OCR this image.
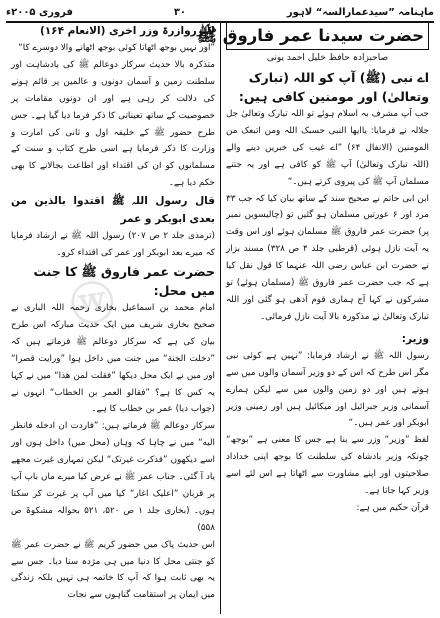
ماہنامہ ”سیدعمارالسہ“ لاہور
۳۰
فروری ۲۰۰۵ء
حضرت سیدنا عمر فاروق ﷺ
صاحبزادہ حافظ خلیل احمد یونی
اے نبی (ﷺ) آپ کو اللہ (تبارک وتعالیٰ) اور مومنین کافی ہیں:

جب آپ مشرف بہ اسلام ہوئے تو اللہ تبارک وتعالیٰ جل جلالہ نے فرمایا: یاایھا النبی حسبک اللہ ومن اتبعک من المومنین (الانفال ۶۴) ”اے غیب کی خبریں دینے والے (اللہ تبارک وتعالیٰ) آپ ﷺ کو کافی ہے اور یہ جتنے مسلمان آپ ﷺ کی پیروی کرتے ہیں۔“

ابن ابی حاتم نے صحیح سند کے ساتھ بیان کیا کہ جب ۳۳ مرد اور ۶ عورتیں مسلمان ہو گئیں تو (چالیسویں نمبر پر) حضرت عمر فاروق ﷺ مسلمان ہوئے اور اس وقت یہ آیت نازل ہوئی (قرطبی جلد ۴ ص ۳۲۸) مسند بزار نے حضرت ابن عباس رضی اللہ عنہما کا قول نقل کیا ہے کہ جب حضرت عمر فاروق ﷺ (مسلمان ہوئے) تو مشرکوں نے کہا آج ہماری قوم آدھی ہو گئی اور اللہ تبارک وتعالیٰ نے مذکورہ بالا آیت نازل فرمائی۔

وزیر:

رسول اللہ ﷺ نے ارشاد فرمایا: ”نہیں ہے کوئی نبی مگر اس طرح کہ اس کے دو وزیر آسمان والوں میں سے ہوتے ہیں اور دو زمین والوں میں سے لیکن ہمارے آسمانی وزیر جبرائیل اور میکائیل ہیں اور زمینی وزیر ابوبکر اور عمر ہیں۔“

لفظ ”وزیر“ وزر سے بنا ہے جس کا معنی ہے ”بوجھ“ چونکہ وزیر بادشاہ کی سلطنت کا بوجھ اپنی خداداد صلاحیتوں اور اپنے مشاورت سے اٹھاتا ہے اس لئے اسے وزیر کہا جاتا ہے۔

قرآن حکیم میں ہے:

لاتزروازرۃ وزر اخری (الانعام ۱۶۴)

”اور نہیں بوجھ اٹھاتا کوئی بوجھ اٹھانے والا دوسرے کا“

متذکرہ بالا حدیث سرکار دوعالم ﷺ کی بادشاہت اور سلطنت زمین و آسمان دونوں و عالمین پر قائم ہونے کی دلالت کر رہی ہے اور ان دونوں مقامات پر خصوصیت کے ساتھ تعیناتی کا ذکر فرما دیا گیا ہے۔ جس طرح حضور ﷺ کے خلیفہ اول و ثانی کی امارت و وزارت کا ذکر فرمایا ہے اسی طرح کتاب و سنت کے مسلمانوں کو ان کی اقتداء اور اطاعت بجالانے کا بھی حکم دیا ہے۔

قال رسول اللہ ﷺ اقتدوا بالذین من بعدی ابوبکر و عمر

(ترمذی جلد ۲ ص ۲۰۷) رسول اللہ ﷺ نے ارشاد فرمایا کہ میرے بعد ابوبکر اور عمر کی اقتداء کرو۔

حضرت عمر فاروق ﷺ کا جنت میں محل:

امام محمد بن اسماعیل بخاری رحمہ اللہ الباری نے صحیح بخاری شریف میں ایک حدیث مبارکہ اس طرح بیان کی ہے کہ سرکار دوعالم ﷺ فرماتے ہیں کہ ”دخلت الجنة“ میں جنت میں داخل ہوا ”ورایت قصرا“ اور میں نے ایک محل دیکھا ”فقلت لمن ھذا“ میں نے کہا یہ کس کا ہے؟ ”فقالو العمر بن الخطاب“ انہوں نے (جواب دیا) عمر بن خطاب کا ہے۔

سرکار دوعالم ﷺ فرماتے ہیں: ”فاردت ان ادخله فانظر الیه“ میں نے چاہا کہ وہاں (محل میں) داخل ہوں اور اسے دیکھوں ”فذکرت غیرتک“ لیکن تمہاری غیرت مجھے یاد آ گئی۔ جناب عمر ﷺ نے عرض کیا میرے ماں باپ آپ پر قربان ”اعلیک اغار“ کیا میں آپ پر غیرت کر سکتا ہوں۔ (بخاری جلد ۱ ص ۵۲۰، ۵۲۱ بحوالہ مشکوۃ ص ۵۵۸)

اس حدیث پاک میں حضور کریم ﷺ نے حضرت عمر ﷺ کو جنتی محل کا دنیا میں ہی مژدہ سنا دیا۔ جس سے یہ بھی ثابت ہوا کہ آپ کا خاتمہ ہی نہیں بلکہ زندگی میں ایمان پر استقامت گناہوں سے نجات

ⓦ
